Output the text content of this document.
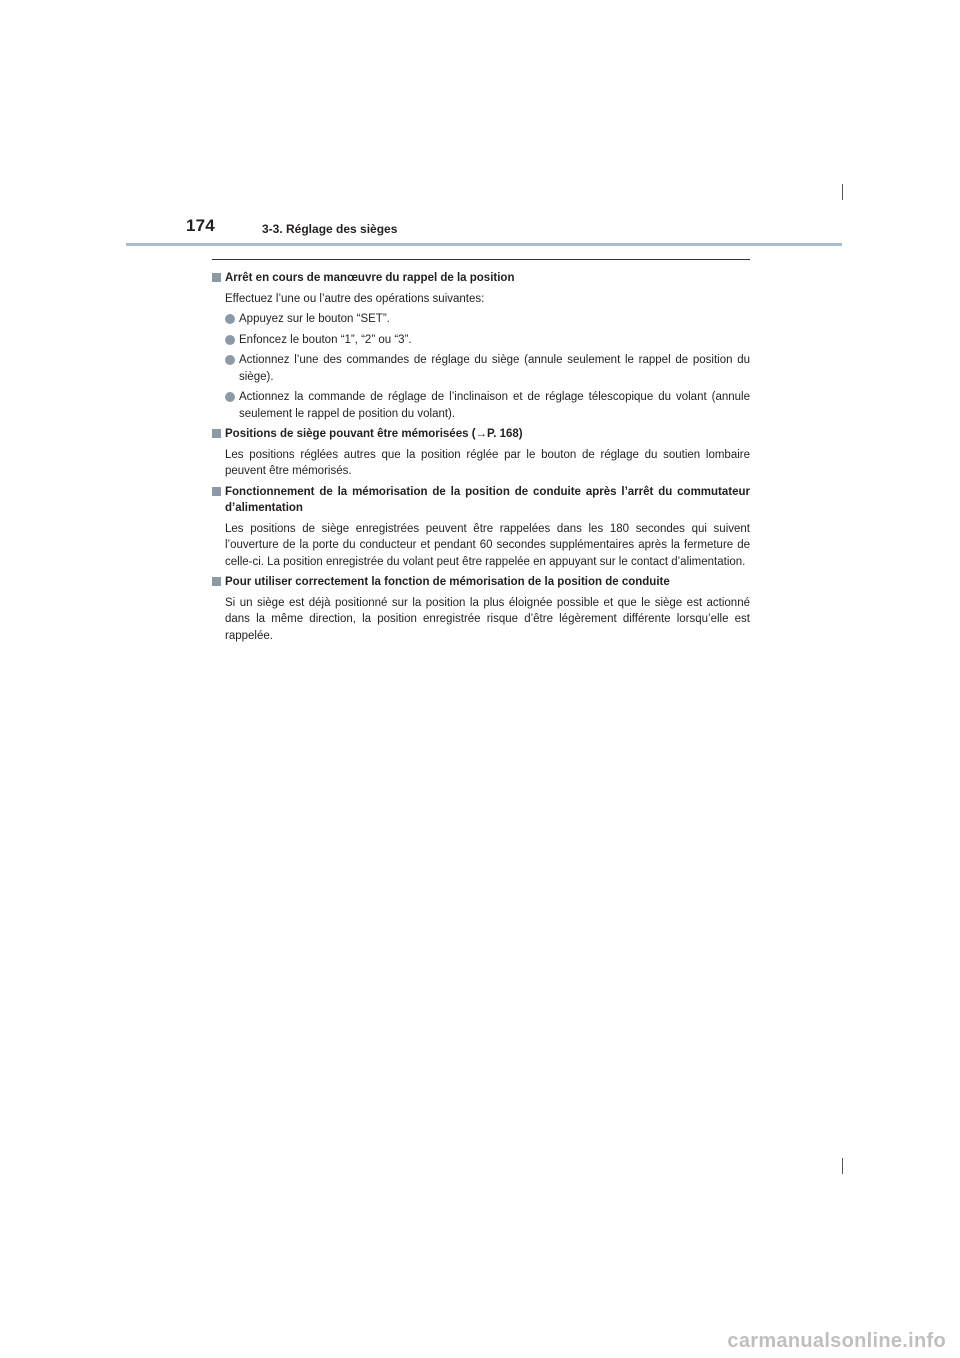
174	3-3. Réglage des sièges
Arrêt en cours de manœuvre du rappel de la position
Effectuez l’une ou l’autre des opérations suivantes:
Appuyez sur le bouton “SET”.
Enfoncez le bouton “1”, “2” ou “3”.
Actionnez l’une des commandes de réglage du siège (annule seulement le rappel de position du siège).
Actionnez la commande de réglage de l’inclinaison et de réglage télescopique du volant (annule seulement le rappel de position du volant).
Positions de siège pouvant être mémorisées (→P. 168)
Les positions réglées autres que la position réglée par le bouton de réglage du soutien lombaire peuvent être mémorisés.
Fonctionnement de la mémorisation de la position de conduite après l’arrêt du commutateur d’alimentation
Les positions de siège enregistrées peuvent être rappelées dans les 180 secondes qui suivent l’ouverture de la porte du conducteur et pendant 60 secondes supplémentaires après la fermeture de celle-ci. La position enregistrée du volant peut être rappelée en appuyant sur le contact d’alimentation.
Pour utiliser correctement la fonction de mémorisation de la position de conduite
Si un siège est déjà positionné sur la position la plus éloignée possible et que le siège est actionné dans la même direction, la position enregistrée risque d’être légèrement différente lorsqu’elle est rappelée.
carmanualsonline.info
